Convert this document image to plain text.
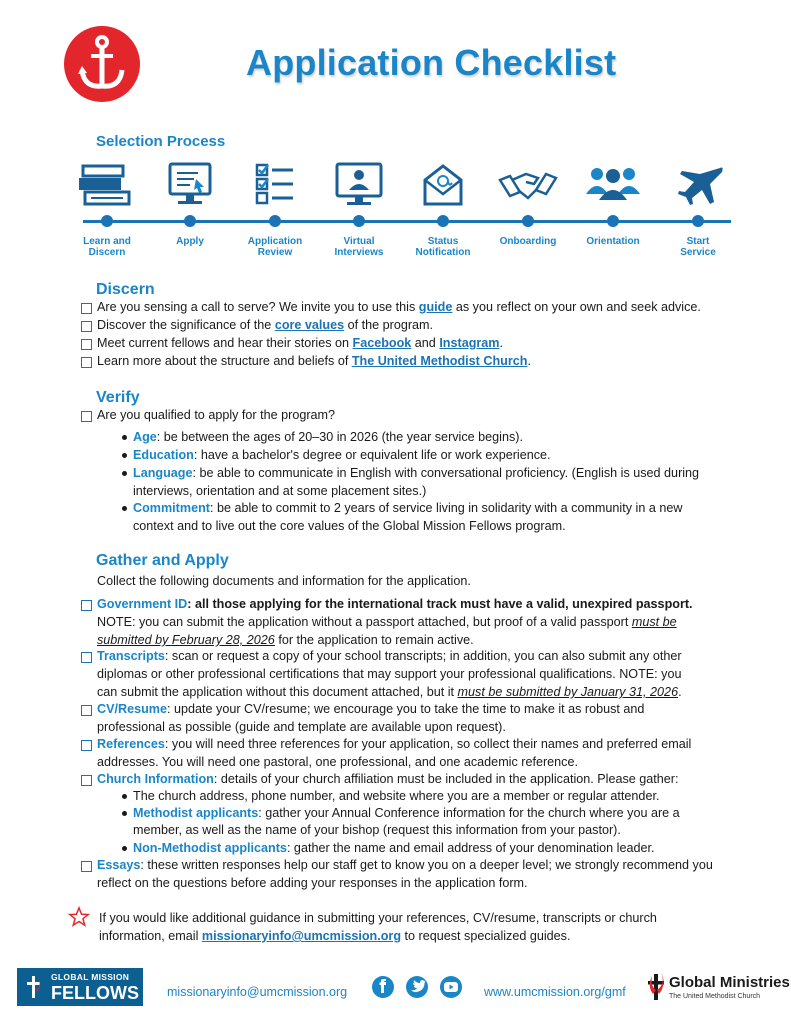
Application Checklist
Selection Process
Learn and
Discern
Apply	Application
Review
Virtual
Interviews
Status
Notification
Onboarding	Orientation	Start
Service
Discern
Are you sensing a call to serve? We invite you to use this guide as you reflect on your own and seek advice.
Discover the significance of the core values of the program.
Meet current fellows and hear their stories on Facebook and Instagram.
Learn more about the structure and beliefs of The United Methodist Church.
Verify
Are you qualified to apply for the program?
Age: be between the ages of 20–30 in 2026 (the year service begins).
Education: have a bachelor's degree or equivalent life or work experience.
Language: be able to communicate in English with conversational proficiency. (English is used during
interviews, orientation and at some placement sites.)
Commitment: be able to commit to 2 years of service living in solidarity with a community in a new
context and to live out the core values of the Global Mission Fellows program.
Gather and Apply
Collect the following documents and information for the application.
Government ID: all those applying for the international track must have a valid, unexpired passport.
NOTE: you can submit the application without a passport attached, but proof of a valid passport must be
submitted by February 28, 2026 for the application to remain active.
Transcripts: scan or request a copy of your school transcripts; in addition, you can also submit any other
diplomas or other professional certifications that may support your professional qualifications. NOTE: you
can submit the application without this document attached, but it must be submitted by January 31, 2026.
CV/Resume: update your CV/resume; we encourage you to take the time to make it as robust and
professional as possible (guide and template are available upon request).
References: you will need three references for your application, so collect their names and preferred email
addresses. You will need one pastoral, one professional, and one academic reference.
Church Information: details of your church affiliation must be included in the application. Please gather:
The church address, phone number, and website where you are a member or regular attender.
Methodist applicants: gather your Annual Conference information for the church where you are a
member, as well as the name of your bishop (request this information from your pastor).
Non-Methodist applicants: gather the name and email address of your denomination leader.
Essays: these written responses help our staff get to know you on a deeper level; we strongly recommend you
reflect on the questions before adding your responses in the application form.
If you would like additional guidance in submitting your references, CV/resume, transcripts or church
information, email missionaryinfo@umcmission.org to request specialized guides.
GLOBAL MISSION
FELLOWS missionaryinfo@umcmission.org	www.umcmission.org/gmf
Global Ministries
The United Methodist Church
